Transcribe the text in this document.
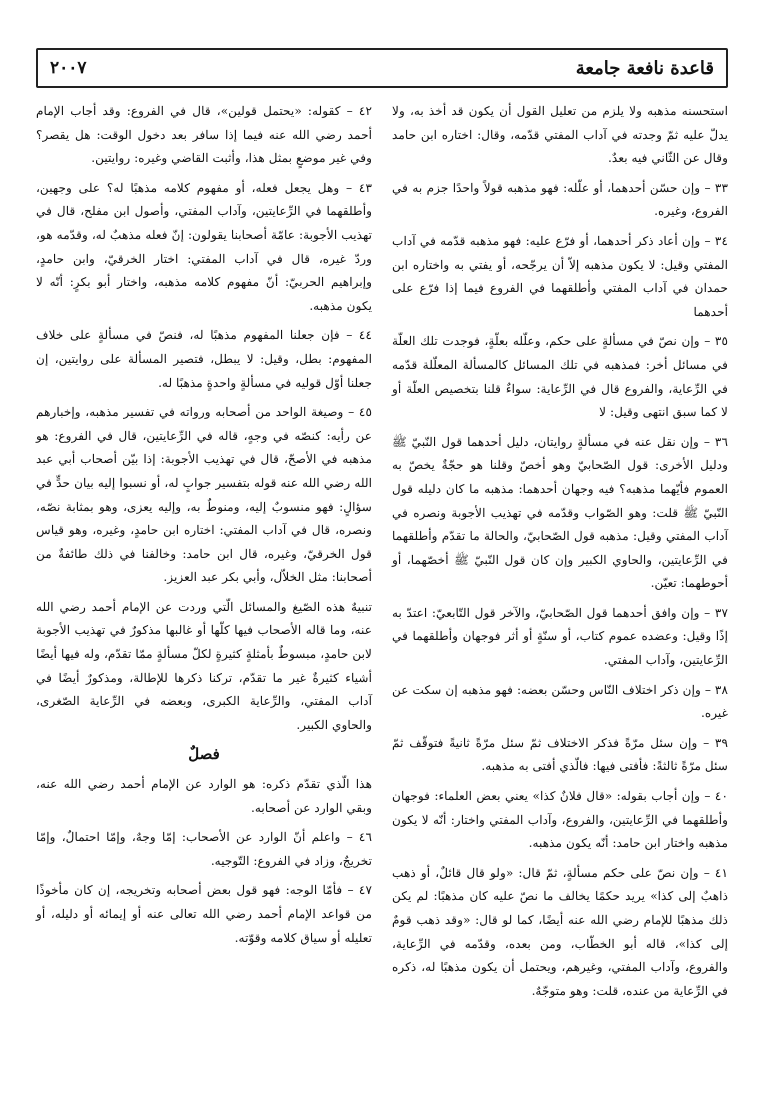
قاعدة نافعة جامعة
٢٠٠٧

استحسنه مذهبه ولا يلزم من تعليل القول أن يكون قد أخذ به، ولا يدلّ عليه ثمّ وجدته في آداب المفتي قدّمه، وقال: اختاره ابن حامد وقال عن الثّاني فيه بعدٌ.

٣٣ – وإن حسّن أحدهما، أو علّله: فهو مذهبه قولاً واحدًا جزم به في الفروع، وغيره.

٣٤ – وإن أعاد ذكر أحدهما، أو فرّع عليه: فهو مذهبه قدّمه في آداب المفتي وقيل: لا يكون مذهبه إلاّ أن يرجّحه، أو يفتي به واختاره ابن حمدان في آداب المفتي وأطلقهما في الفروع فيما إذا فرّع على أحدهما

٣٥ – وإن نصّ في مسألةٍ على حكم، وعلّله بعلّةٍ، فوجدت تلك العلّة في مسائل أخر: فمذهبه في تلك المسائل كالمسألة المعلّلة قدّمه في الرِّعاية، والفروع قال في الرِّعاية: سواءٌ قلنا بتخصيص العلّة أو لا كما سبق انتهى وقيل: لا

٣٦ – وإن نقل عنه في مسألةٍ روايتان، دليل أحدهما قول النّبيّ ﷺ ودليل الأخرى: قول الصّحابيّ وهو أخصّ وقلنا هو حجّةٌ يخصّ به العموم فأيّهما مذهبه؟ فيه وجهان أحدهما: مذهبه ما كان دليله قول النّبيّ ﷺ قلت: وهو الصّواب وقدّمه في تهذيب الأجوبة ونصره في آداب المفتي وقيل: مذهبه قول الصّحابيّ، والحالة ما تقدّم وأطلقهما في الرِّعايتين، والحاوي الكبير وإن كان قول النّبيّ ﷺ أخصّهما، أو أحوطهما: تعيّن.

٣٧ – وإن وافق أحدهما قول الصّحابيّ، والآخر قول التّابعيّ: اعتدّ به إذًا وقيل: وعضده عموم كتاب، أو سنّةٍ أو أثر فوجهان وأطلقهما في الرِّعايتين، وآداب المفتي.

٣٨ – وإن ذكر اختلاف النّاس وحسّن بعضه: فهو مذهبه إن سكت عن غيره.

٣٩ – وإن سئل مرّةً فذكر الاختلاف ثمّ سئل مرّةً ثانيةً فتوقّف ثمّ سئل مرّةً ثالثةً: فأفتى فيها: فالّذي أفتى به مذهبه.

٤٠ – وإن أجاب بقوله: «قال فلانٌ كذا» يعني بعض العلماء: فوجهان وأطلقهما في الرِّعايتين، والفروع، وآداب المفتي واختار: أنّه لا يكون مذهبه واختار ابن حامد: أنّه يكون مذهبه.

٤١ – وإن نصّ على حكم مسألةٍ، ثمّ قال: «ولو قال قائلٌ، أو ذهب ذاهبٌ إلى كذا» يريد حكمًا يخالف ما نصّ عليه كان مذهبًا: لم يكن ذلك مذهبًا للإمام رضي الله عنه أيضًا، كما لو قال: «وقد ذهب قومٌ إلى كذا»، قاله أبو الخطّاب، ومن بعده، وقدّمه في الرِّعاية، والفروع، وآداب المفتي، وغيرهم، ويحتمل أن يكون مذهبًا له، ذكره في الرِّعاية من عنده، قلت: وهو متوجّهٌ.

٤٢ – كقوله: «يحتمل قولين»، قال في الفروع: وقد أجاب الإمام أحمد رضي الله عنه فيما إذا سافر بعد دخول الوقت: هل يقصر؟ وفي غير موضعٍ بمثل هذا، وأثبت القاضي وغيره: روايتين.

٤٣ – وهل يجعل فعله، أو مفهوم كلامه مذهبًا له؟ على وجهين، وأطلقهما في الرِّعايتين، وآداب المفتي، وأصول ابن مفلح، قال في تهذيب الأجوبة: عامّة أصحابنا يقولون: إنّ فعله مذهبٌ له، وقدّمه هو، وردّ غيره، قال في آداب المفتي: اختار الخرقيّ، وابن حامدٍ، وإبراهيم الحربيّ: أنّ مفهوم كلامه مذهبه، واختار أبو بكرٍ: أنّه لا يكون مذهبه.

٤٤ – فإن جعلنا المفهوم مذهبًا له، فنصّ في مسألةٍ على خلاف المفهوم: بطل، وقيل: لا يبطل، فتصير المسألة على روايتين، إن جعلنا أوّل قوليه في مسألةٍ واحدةٍ مذهبًا له.

٤٥ – وصيغة الواحد من أصحابه ورواته في تفسير مذهبه، وإخبارهم عن رأيه: كنصّه في وجهٍ، قاله في الرِّعايتين، قال في الفروع: هو مذهبه في الأصحّ، قال في تهذيب الأجوبة: إذا بيّن أصحاب أبي عبد الله رضي الله عنه قوله بتفسير جوابٍ له، أو نسبوا إليه بيان حدٍّ في سؤالٍ: فهو منسوبٌ إليه، ومنوطٌ به، وإليه يعزى، وهو بمثابة نصّه، ونصره، قال في آداب المفتي: اختاره ابن حامدٍ، وغيره، وهو قياس قول الخرقيّ، وغيره، قال ابن حامد: وخالفنا في ذلك طائفةٌ من أصحابنا: مثل الخلاّل، وأبي بكر عبد العزيز.

تنبيهٌ هذه الصّيغ والمسائل الّتي وردت عن الإمام أحمد رضي الله عنه، وما قاله الأصحاب فيها كلّها أو غالبها مذكورٌ في تهذيب الأجوبة لابن حامدٍ، مبسوطٌ بأمثلةٍ كثيرةٍ لكلّ مسألةٍ ممّا تقدّم، وله فيها أيضًا أشياء كثيرةٌ غير ما تقدّم، تركنا ذكرها للإطالة، ومذكورٌ أيضًا في آداب المفتي، والرِّعاية الكبرى، وبعضه في الرِّعاية الصّغرى، والحاوي الكبير.

فصلٌ

هذا الّذي تقدّم ذكره: هو الوارد عن الإمام أحمد رضي الله عنه، وبقي الوارد عن أصحابه.

٤٦ – واعلم أنّ الوارد عن الأصحاب: إمّا وجهٌ، وإمّا احتمالٌ، وإمّا تخريجٌ، وزاد في الفروع: التّوجيه.

٤٧ – فأمّا الوجه: فهو قول بعض أصحابه وتخريجه، إن كان مأخوذًا من قواعد الإمام أحمد رضي الله تعالى عنه أو إيمائه أو دليله، أو تعليله أو سياق كلامه وقوّته.
